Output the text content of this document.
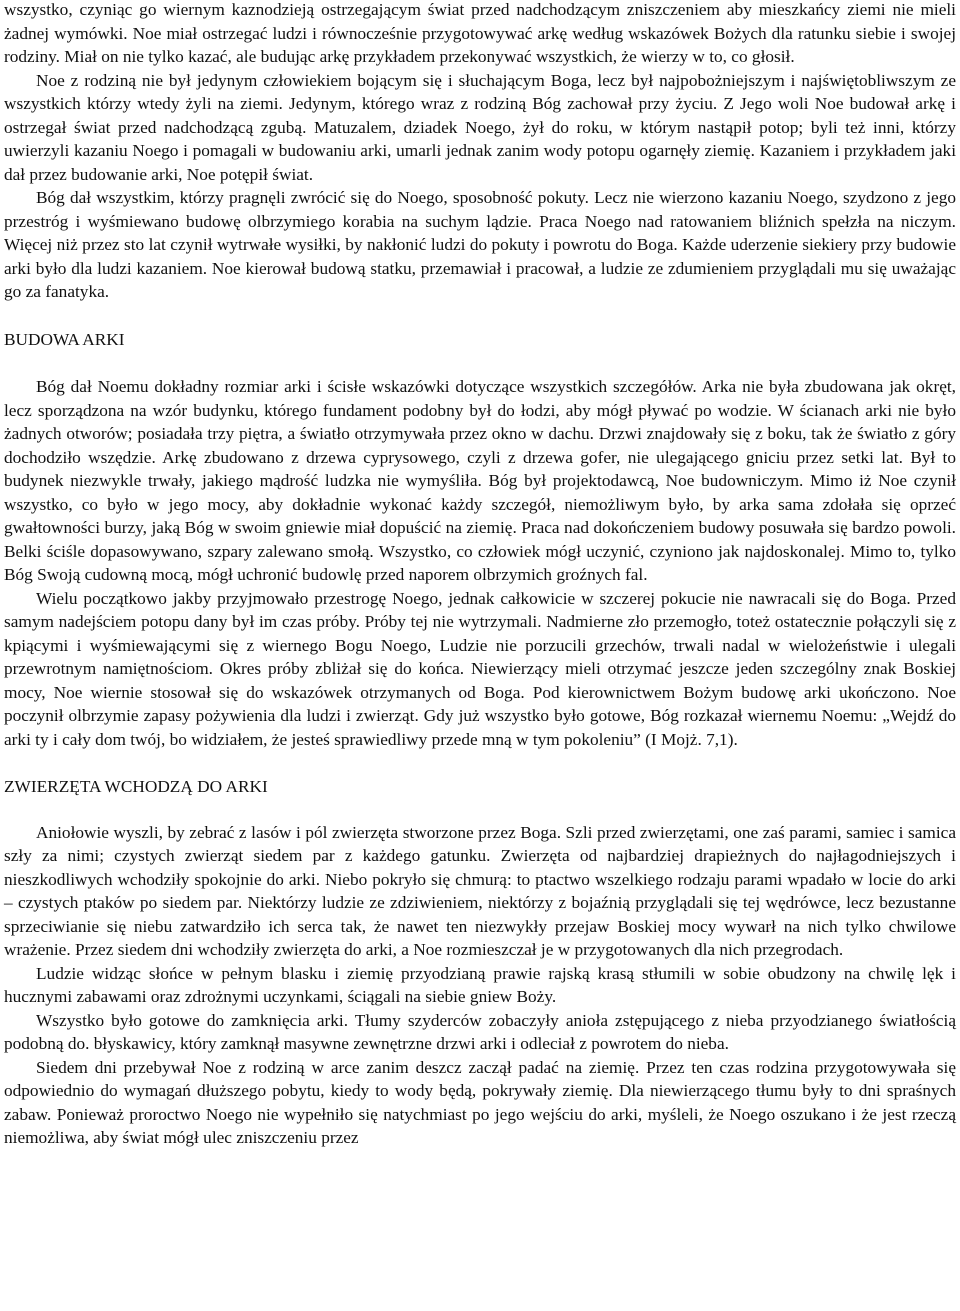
wszystko, czyniąc go wiernym kaznodzieją ostrzegającym świat przed nadchodzącym zniszczeniem aby mieszkańcy ziemi nie mieli żadnej wymówki. Noe miał ostrzegać ludzi i równocześnie przygotowywać arkę według wskazówek Bożych dla ratunku siebie i swojej rodziny. Miał on nie tylko kazać, ale budując arkę przykładem przekonywać wszystkich, że wierzy w to, co głosił.

Noe z rodziną nie był jedynym człowiekiem bojącym się i słuchającym Boga, lecz był najpobożniejszym i najświętobliwszym ze wszystkich którzy wtedy żyli na ziemi. Jedynym, którego wraz z rodziną Bóg zachował przy życiu. Z Jego woli Noe budował arkę i ostrzegał świat przed nadchodzącą zgubą. Matuzalem, dziadek Noego, żył do roku, w którym nastąpił potop; byli też inni, którzy uwierzyli kazaniu Noego i pomagali w budowaniu arki, umarli jednak zanim wody potopu ogarnęły ziemię. Kazaniem i przykładem jaki dał przez budowanie arki, Noe potępił świat.

Bóg dał wszystkim, którzy pragnęli zwrócić się do Noego, sposobność pokuty. Lecz nie wierzono kazaniu Noego, szydzono z jego przestróg i wyśmiewano budowę olbrzymiego korabia na suchym lądzie. Praca Noego nad ratowaniem bliźnich spełzła na niczym. Więcej niż przez sto lat czynił wytrwałe wysiłki, by nakłonić ludzi do pokuty i powrotu do Boga. Każde uderzenie siekiery przy budowie arki było dla ludzi kazaniem. Noe kierował budową statku, przemawiał i pracował, a ludzie ze zdumieniem przyglądali mu się uważając go za fanatyka.

BUDOWA ARKI

Bóg dał Noemu dokładny rozmiar arki i ścisłe wskazówki dotyczące wszystkich szczegółów. Arka nie była zbudowana jak okręt, lecz sporządzona na wzór budynku, którego fundament podobny był do łodzi, aby mógł pływać po wodzie. W ścianach arki nie było żadnych otworów; posiadała trzy piętra, a światło otrzymywała przez okno w dachu. Drzwi znajdowały się z boku, tak że światło z góry dochodziło wszędzie. Arkę zbudowano z drzewa cyprysowego, czyli z drzewa gofer, nie ulegającego gniciu przez setki lat. Był to budynek niezwykle trwały, jakiego mądrość ludzka nie wymyśliła. Bóg był projektodawcą, Noe budowniczym. Mimo iż Noe czynił wszystko, co było w jego mocy, aby dokładnie wykonać każdy szczegół, niemożliwym było, by arka sama zdołała się oprzeć gwałtowności burzy, jaką Bóg w swoim gniewie miał dopuścić na ziemię. Praca nad dokończeniem budowy posuwała się bardzo powoli. Belki ściśle dopasowywano, szpary zalewano smołą. Wszystko, co człowiek mógł uczynić, czyniono jak najdoskonalej. Mimo to, tylko Bóg Swoją cudowną mocą, mógł uchronić budowlę przed naporem olbrzymich groźnych fal.

Wielu początkowo jakby przyjmowało przestrogę Noego, jednak całkowicie w szczerej pokucie nie nawracali się do Boga. Przed samym nadejściem potopu dany był im czas próby. Próby tej nie wytrzymali. Nadmierne zło przemogło, toteż ostatecznie połączyli się z kpiącymi i wyśmiewającymi się z wiernego Bogu Noego, Ludzie nie porzucili grzechów, trwali nadal w wielożeństwie i ulegali przewrotnym namiętnościom. Okres próby zbliżał się do końca. Niewierzący mieli otrzymać jeszcze jeden szczególny znak Boskiej mocy, Noe wiernie stosował się do wskazówek otrzymanych od Boga. Pod kierownictwem Bożym budowę arki ukończono. Noe poczynił olbrzymie zapasy pożywienia dla ludzi i zwierząt. Gdy już wszystko było gotowe, Bóg rozkazał wiernemu Noemu: „Wejdź do arki ty i cały dom twój, bo widziałem, że jesteś sprawiedliwy przede mną w tym pokoleniu” (I Mojż. 7,1).

ZWIERZĘTA WCHODZĄ DO ARKI

Aniołowie wyszli, by zebrać z lasów i pól zwierzęta stworzone przez Boga. Szli przed zwierzętami, one zaś parami, samiec i samica szły za nimi; czystych zwierząt siedem par z każdego gatunku. Zwierzęta od najbardziej drapieżnych do najłagodniejszych i nieszkodliwych wchodziły spokojnie do arki. Niebo pokryło się chmurą: to ptactwo wszelkiego rodzaju parami wpadało w locie do arki – czystych ptaków po siedem par. Niektórzy ludzie ze zdziwieniem, niektórzy z bojaźnią przyglądali się tej wędrówce, lecz bezustanne sprzeciwianie się niebu zatwardziło ich serca tak, że nawet ten niezwykły przejaw Boskiej mocy wywarł na nich tylko chwilowe wrażenie. Przez siedem dni wchodziły zwierzęta do arki, a Noe rozmieszczał je w przygotowanych dla nich przegrodach.

Ludzie widząc słońce w pełnym blasku i ziemię przyodzianą prawie rajską krasą stłumili w sobie obudzony na chwilę lęk i hucznymi zabawami oraz zdrożnymi uczynkami, ściągali na siebie gniew Boży.

Wszystko było gotowe do zamknięcia arki. Tłumy szyderców zobaczyły anioła zstępującego z nieba przyodzianego światłością podobną do. błyskawicy, który zamknął masywne zewnętrzne drzwi arki i odleciał z powrotem do nieba.

Siedem dni przebywał Noe z rodziną w arce zanim deszcz zaczął padać na ziemię. Przez ten czas rodzina przygotowywała się odpowiednio do wymagań dłuższego pobytu, kiedy to wody będą, pokrywały ziemię. Dla niewierzącego tłumu były to dni spraśnych zabaw. Ponieważ proroctwo Noego nie wypełniło się natychmiast po jego wejściu do arki, myśleli, że Noego oszukano i że jest rzeczą niemożliwa, aby świat mógł ulec zniszczeniu przez
